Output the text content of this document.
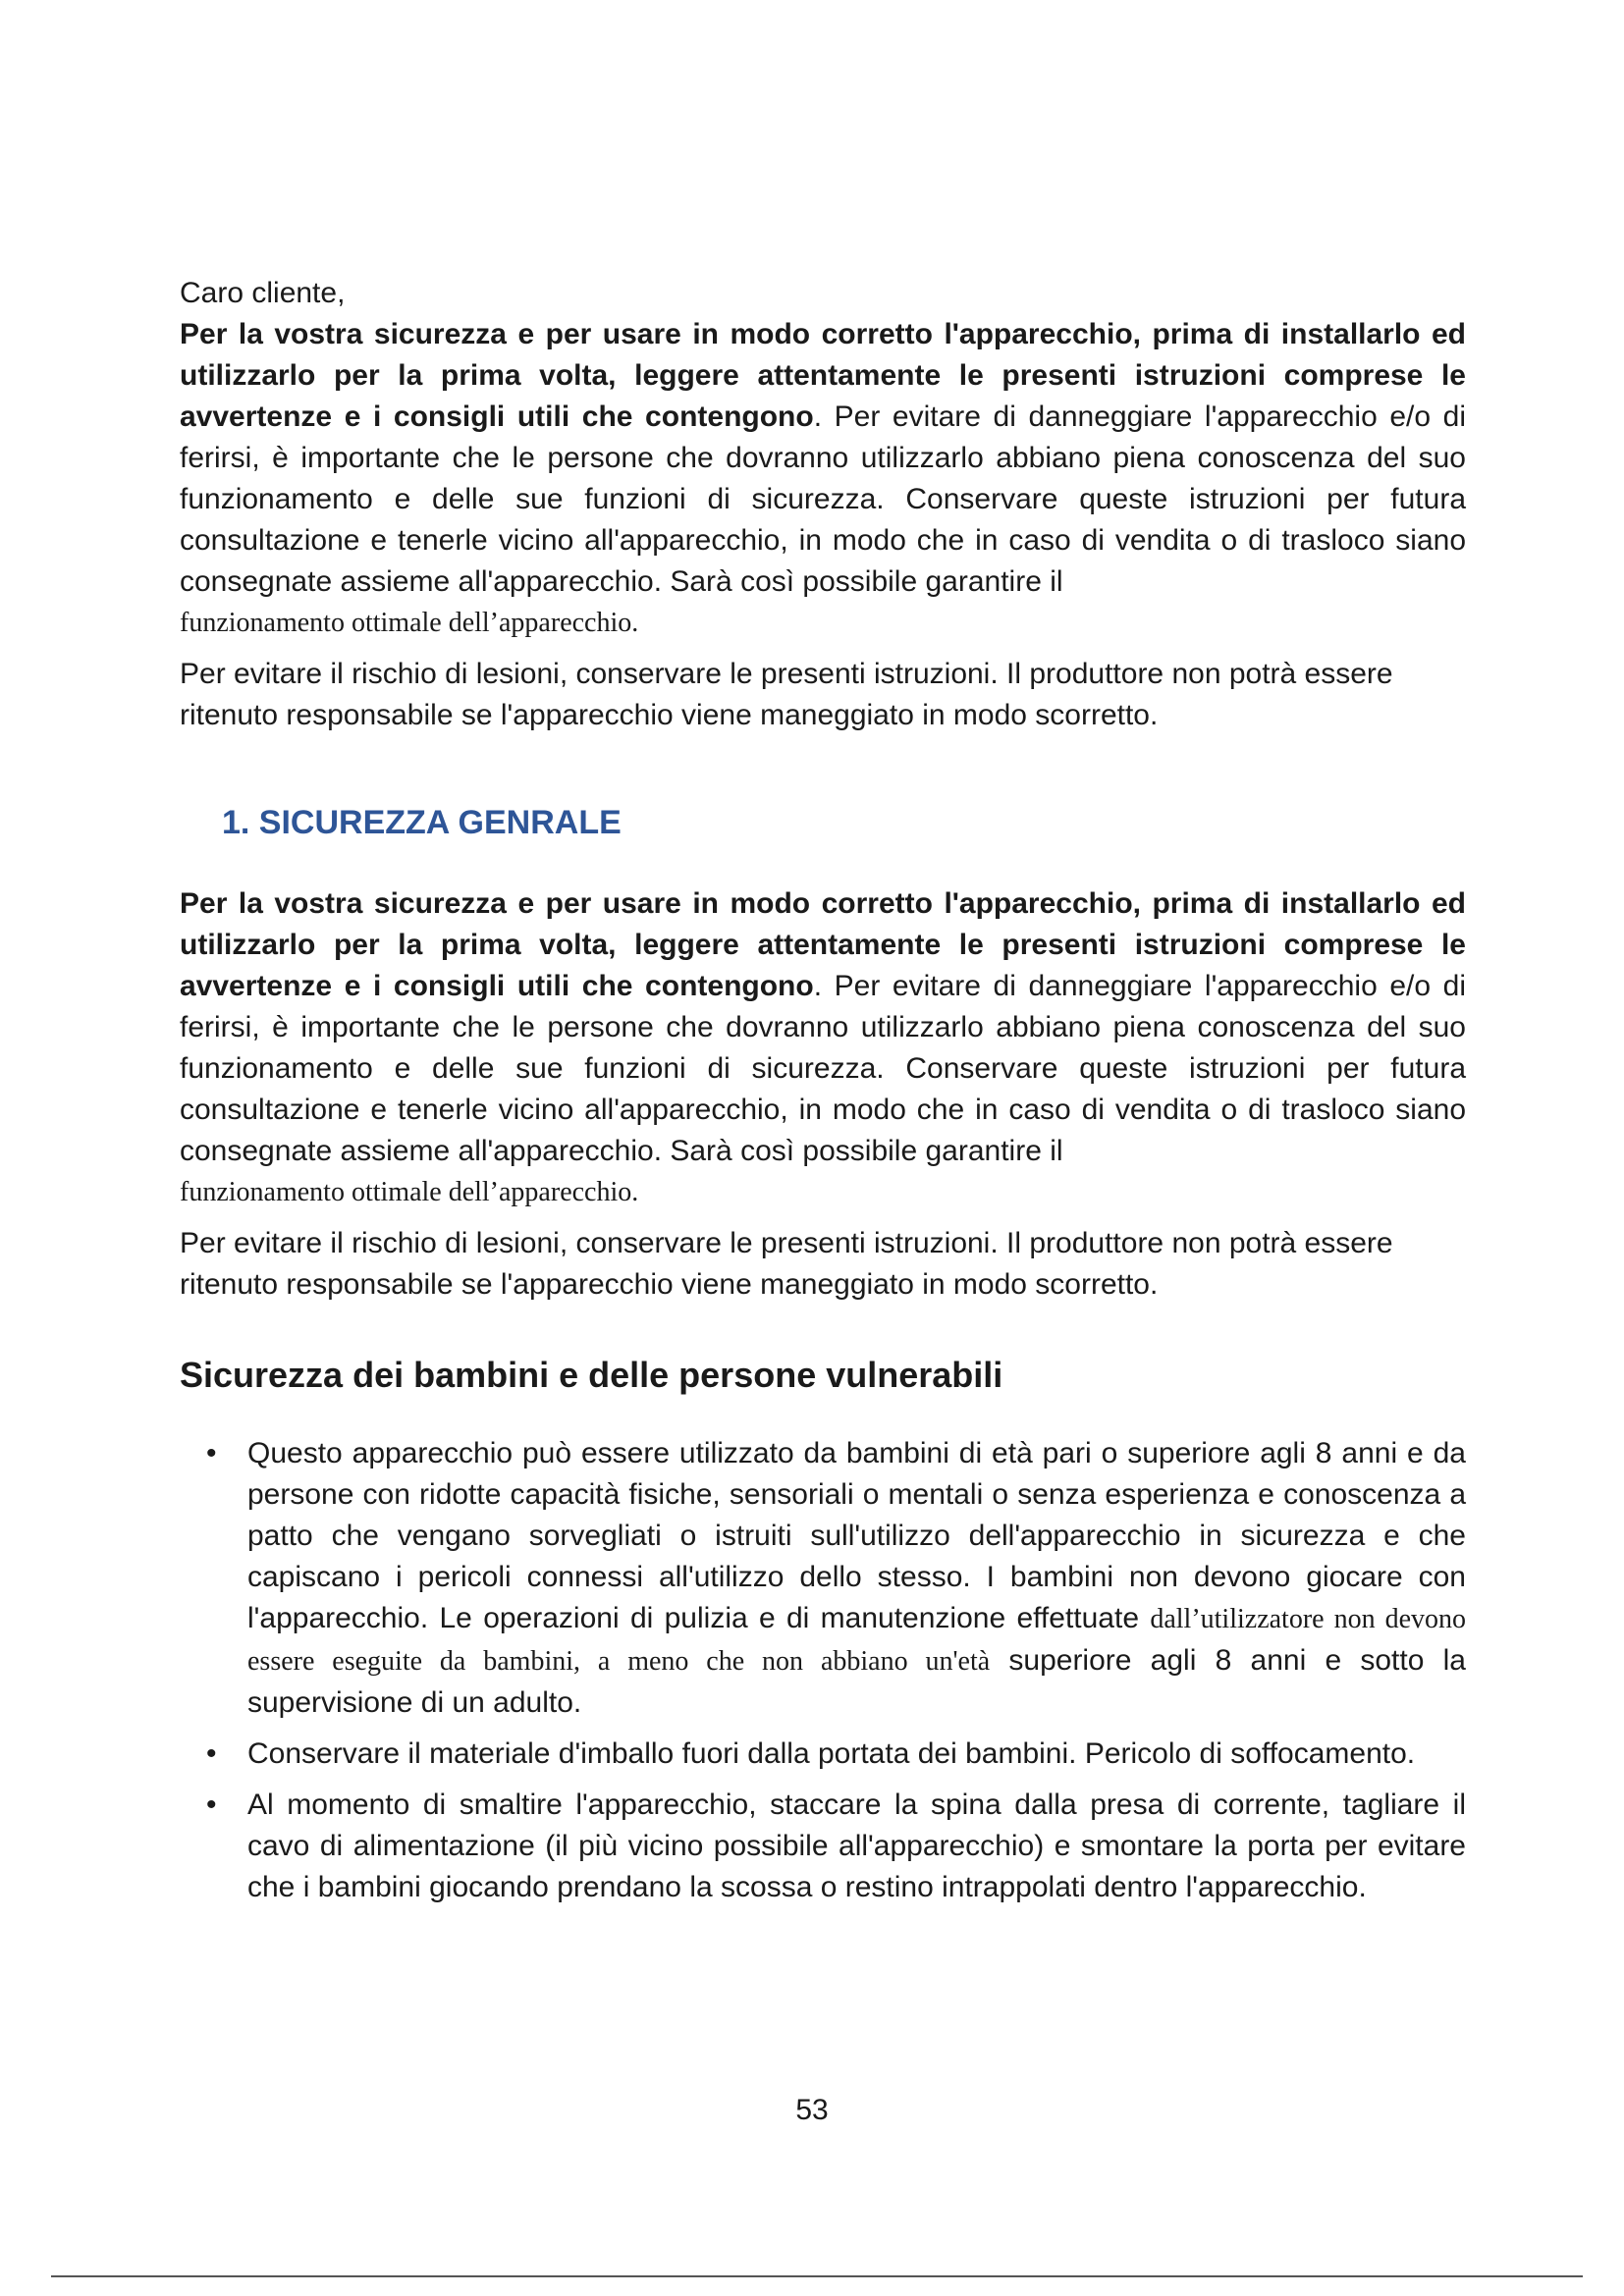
Caro cliente,

Per la vostra sicurezza e per usare in modo corretto l'apparecchio, prima di installarlo ed utilizzarlo per la prima volta, leggere attentamente le presenti istruzioni comprese le avvertenze e i consigli utili che contengono. Per evitare di danneggiare l'apparecchio e/o di ferirsi, è importante che le persone che dovranno utilizzarlo abbiano piena conoscenza del suo funzionamento e delle sue funzioni di sicurezza. Conservare queste istruzioni per futura consultazione e tenerle vicino all'apparecchio, in modo che in caso di vendita o di trasloco siano consegnate assieme all'apparecchio. Sarà così possibile garantire il

funzionamento ottimale dell’apparecchio.

Per evitare il rischio di lesioni, conservare le presenti istruzioni. Il produttore non potrà essere ritenuto responsabile se l'apparecchio viene maneggiato in modo scorretto.

1. SICUREZZA GENRALE

Per la vostra sicurezza e per usare in modo corretto l'apparecchio, prima di installarlo ed utilizzarlo per la prima volta, leggere attentamente le presenti istruzioni comprese le avvertenze e i consigli utili che contengono. Per evitare di danneggiare l'apparecchio e/o di ferirsi, è importante che le persone che dovranno utilizzarlo abbiano piena conoscenza del suo funzionamento e delle sue funzioni di sicurezza. Conservare queste istruzioni per futura consultazione e tenerle vicino all'apparecchio, in modo che in caso di vendita o di trasloco siano consegnate assieme all'apparecchio. Sarà così possibile garantire il

funzionamento ottimale dell’apparecchio.

Per evitare il rischio di lesioni, conservare le presenti istruzioni. Il produttore non potrà essere ritenuto responsabile se l'apparecchio viene maneggiato in modo scorretto.

Sicurezza dei bambini e delle persone vulnerabili
• Questo apparecchio può essere utilizzato da bambini di età pari o superiore agli 8 anni e da persone con ridotte capacità fisiche, sensoriali o mentali o senza esperienza e conoscenza a patto che vengano sorvegliati o istruiti sull'utilizzo dell'apparecchio in sicurezza e che capiscano i pericoli connessi all'utilizzo dello stesso. I bambini non devono giocare con l'apparecchio. Le operazioni di pulizia e di manutenzione effettuate dall’utilizzatore non devono essere eseguite da bambini, a meno che non abbiano un'età superiore agli 8 anni e sotto la supervisione di un adulto.
• Conservare il materiale d'imballo fuori dalla portata dei bambini. Pericolo di soffocamento.
• Al momento di smaltire l'apparecchio, staccare la spina dalla presa di corrente, tagliare il cavo di alimentazione (il più vicino possibile all'apparecchio) e smontare la porta per evitare che i bambini giocando prendano la scossa o restino intrappolati dentro l'apparecchio.
53
